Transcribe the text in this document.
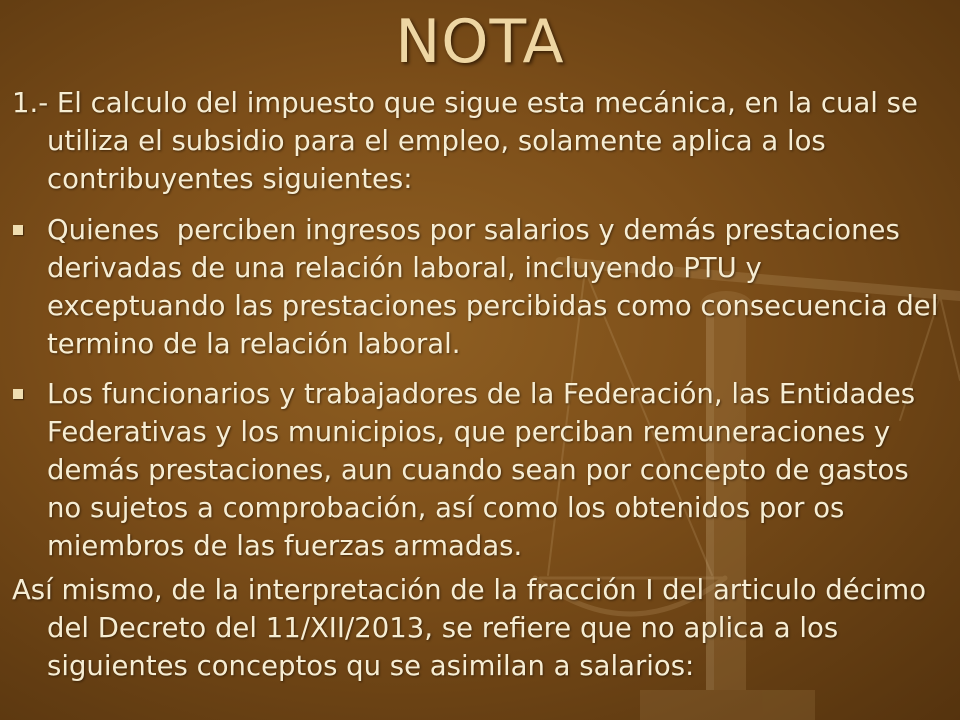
NOTA
1.- El calculo del impuesto que sigue esta mecánica, en la cual se
utiliza el subsidio para el empleo, solamente aplica a los
contribuyentes siguientes:
Quienes  perciben ingresos por salarios y demás prestaciones
derivadas de una relación laboral, incluyendo PTU y
exceptuando las prestaciones percibidas como consecuencia del
termino de la relación laboral.
Los funcionarios y trabajadores de la Federación, las Entidades
Federativas y los municipios, que perciban remuneraciones y
demás prestaciones, aun cuando sean por concepto de gastos
no sujetos a comprobación, así como los obtenidos por os
miembros de las fuerzas armadas.
Así mismo, de la interpretación de la fracción I del articulo décimo
del Decreto del 11/XII/2013, se refiere que no aplica a los
siguientes conceptos qu se asimilan a salarios:
